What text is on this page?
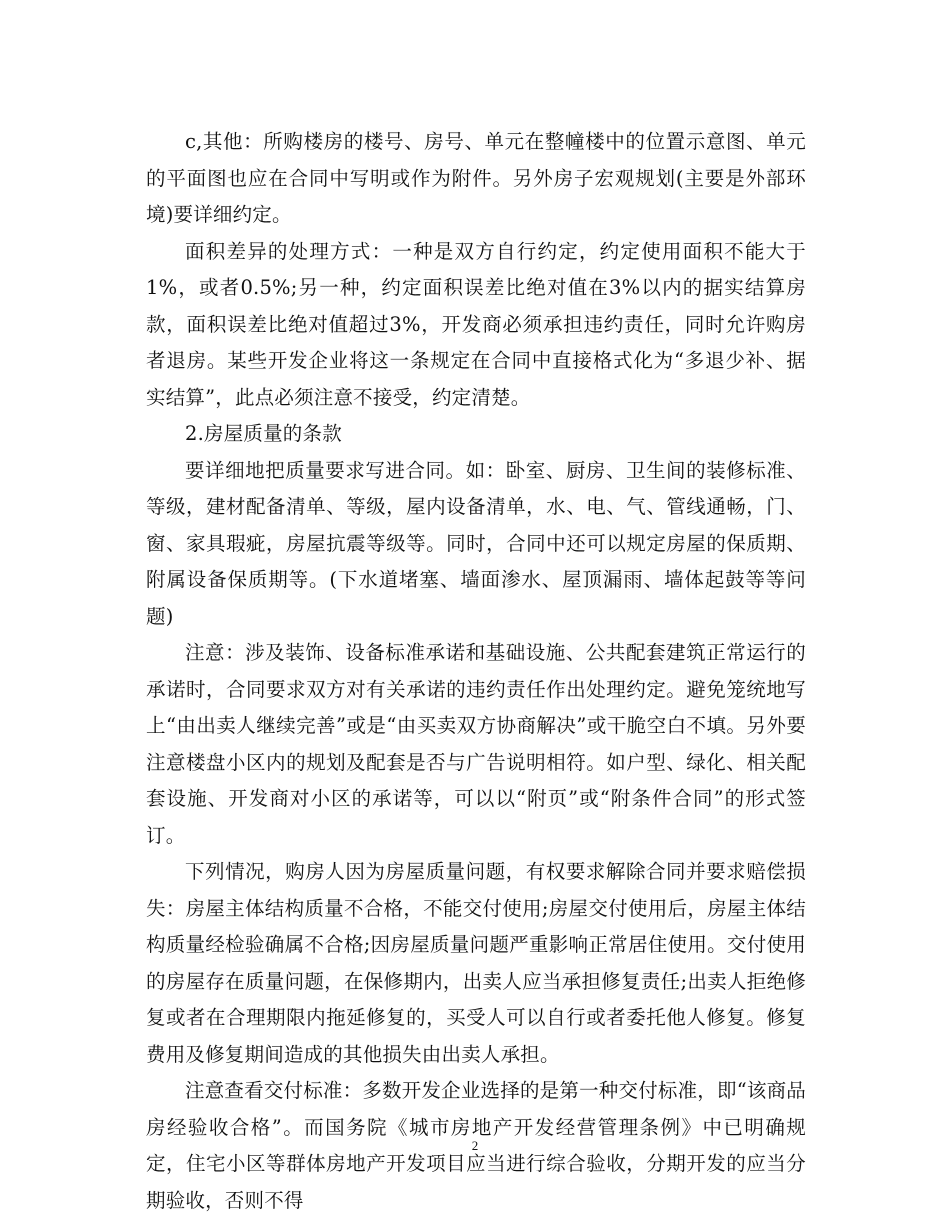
c,其他：所购楼房的楼号、房号、单元在整幢楼中的位置示意图、单元的平面图也应在合同中写明或作为附件。另外房子宏观规划(主要是外部环境)要详细约定。

面积差异的处理方式：一种是双方自行约定，约定使用面积不能大于1%，或者0.5%;另一种，约定面积误差比绝对值在3%以内的据实结算房款，面积误差比绝对值超过3%，开发商必须承担违约责任，同时允许购房者退房。某些开发企业将这一条规定在合同中直接格式化为“多退少补、据实结算”，此点必须注意不接受，约定清楚。

2.房屋质量的条款

要详细地把质量要求写进合同。如：卧室、厨房、卫生间的装修标准、等级，建材配备清单、等级，屋内设备清单，水、电、气、管线通畅，门、窗、家具瑕疵，房屋抗震等级等。同时，合同中还可以规定房屋的保质期、附属设备保质期等。(下水道堵塞、墙面渗水、屋顶漏雨、墙体起鼓等等问题)

注意：涉及装饰、设备标准承诺和基础设施、公共配套建筑正常运行的承诺时，合同要求双方对有关承诺的违约责任作出处理约定。避免笼统地写上“由出卖人继续完善”或是“由买卖双方协商解决”或干脆空白不填。另外要注意楼盘小区内的规划及配套是否与广告说明相符。如户型、绿化、相关配套设施、开发商对小区的承诺等，可以以“附页”或“附条件合同”的形式签订。

下列情况，购房人因为房屋质量问题，有权要求解除合同并要求赔偿损失：房屋主体结构质量不合格，不能交付使用;房屋交付使用后，房屋主体结构质量经检验确属不合格;因房屋质量问题严重影响正常居住使用。交付使用的房屋存在质量问题，在保修期内，出卖人应当承担修复责任;出卖人拒绝修复或者在合理期限内拖延修复的，买受人可以自行或者委托他人修复。修复费用及修复期间造成的其他损失由出卖人承担。

注意查看交付标准：多数开发企业选择的是第一种交付标准，即“该商品房经验收合格”。而国务院《城市房地产开发经营管理条例》中已明确规定，住宅小区等群体房地产开发项目应当进行综合验收，分期开发的应当分期验收，否则不得

2
